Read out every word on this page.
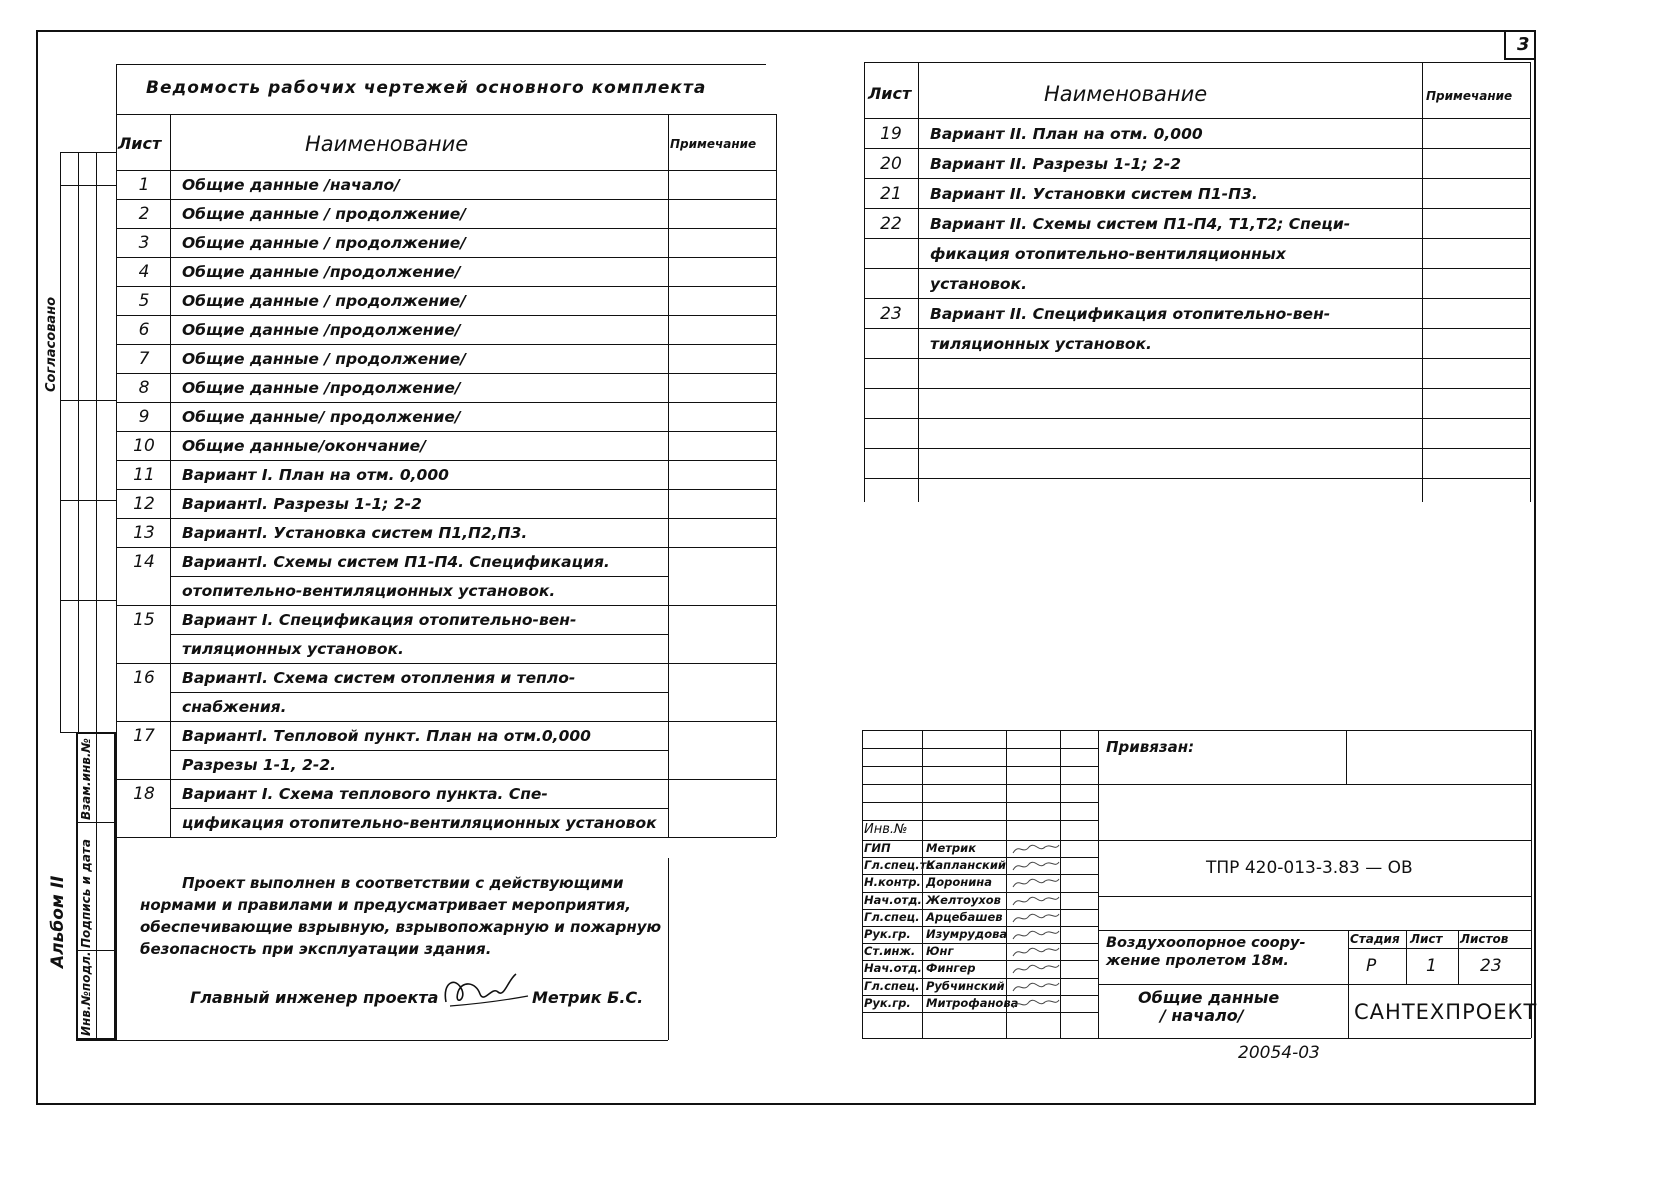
3
Согласовано
Альбом II
Взам.инв.№
Подпись и дата
Инв.№подл.
Ведомость рабочих чертежей основного комплекта
Лист	Наименование	Примечание
1	Общие данные /начало/
2	Общие данные / продолжение/
3	Общие данные / продолжение/
4	Общие данные /продолжение/
5	Общие данные / продолжение/
6	Общие данные /продолжение/
7	Общие данные / продолжение/
8	Общие данные /продолжение/
9	Общие данные/ продолжение/
10 Общие данные/окончание/
11 Вариант I. План на отм. 0,000
12 ВариантI. Разрезы 1-1; 2-2
13 ВариантI. Установка систем П1,П2,П3.
14 ВариантI. Схемы систем П1-П4. Спецификация.
отопительно-вентиляционных установок.
15 Вариант I. Спецификация отопительно-вен-
тиляционных установок.
16 ВариантI. Схема систем отопления и тепло-
снабжения.
17 ВариантI. Тепловой пункт. План на отм.0,000
Разрезы 1-1, 2-2.
18 Вариант I. Схема теплового пункта. Спе-
цификация отопительно-вентиляционных установок
Лист	Наименование	Примечание
19 Вариант II. План на отм. 0,000
20 Вариант II. Разрезы 1-1; 2-2
21 Вариант II. Установки систем П1-П3.
22 Вариант II. Схемы систем П1-П4, Т1,Т2; Специ-
фикация отопительно-вентиляционных
установок.
23 Вариант II. Спецификация отопительно-вен-
тиляционных установок.
Проект выполнен в соответствии с действующими
нормами и правилами и предусматривает мероприятия,
обеспечивающие взрывную, взрывопожарную и пожарную
безопасность при эксплуатации здания.
Главный инженер проекта	Метрик Б.С.
Инв.№
ГИП	Метрик
Гл.спец.тс
Капланский
Н.контр. Доронина
Нач.отд. Желтоухов
Гл.спец. Арцебашев
Рук.гр. Изумрудова
Ст.инж. Юнг
Нач.отд. Фингер
Гл.спец. Рубчинский
Рук.гр. Митрофанова
Привязан:
ТПР 420-013-3.83 — ОВ
Воздухоопорное соору-
жение пролетом 18м.
Стадия Лист Листов
Р	1	23
Общие данные
/ начало/	САНТЕХПРОЕКТ
20054-03
